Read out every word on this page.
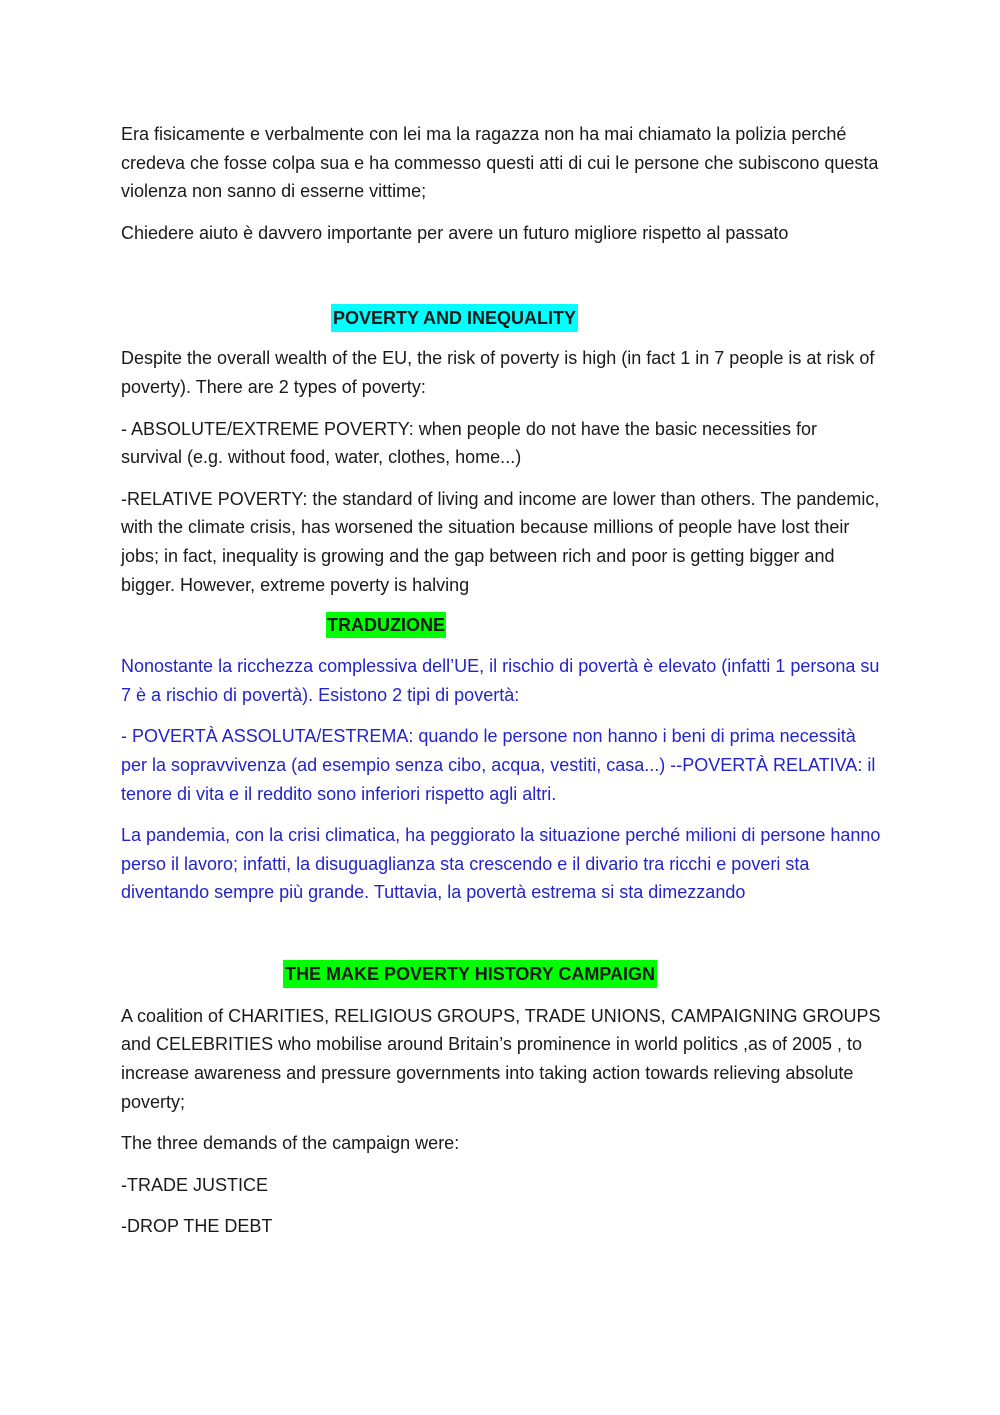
Era fisicamente e verbalmente con lei ma la ragazza non ha mai chiamato la polizia perché credeva che fosse colpa sua e ha commesso questi atti di cui le persone che subiscono questa violenza non sanno di esserne vittime;

Chiedere aiuto è davvero importante per avere un futuro migliore rispetto al passato

POVERTY AND INEQUALITY

Despite the overall wealth of the EU, the risk of poverty is high (in fact 1 in 7 people is at risk of poverty). There are 2 types of poverty:

- ABSOLUTE/EXTREME POVERTY: when people do not have the basic necessities for survival (e.g. without food, water, clothes, home...)

-RELATIVE POVERTY: the standard of living and income are lower than others. The pandemic, with the climate crisis, has worsened the situation because millions of people have lost their jobs; in fact, inequality is growing and the gap between rich and poor is getting bigger and bigger. However, extreme poverty is halving

TRADUZIONE

Nonostante la ricchezza complessiva dell’UE, il rischio di povertà è elevato (infatti 1 persona su 7 è a rischio di povertà). Esistono 2 tipi di povertà:

- POVERTÀ ASSOLUTA/ESTREMA: quando le persone non hanno i beni di prima necessità per la sopravvivenza (ad esempio senza cibo, acqua, vestiti, casa...) --POVERTÀ RELATIVA: il tenore di vita e il reddito sono inferiori rispetto agli altri.

La pandemia, con la crisi climatica, ha peggiorato la situazione perché milioni di persone hanno perso il lavoro; infatti, la disuguaglianza sta crescendo e il divario tra ricchi e poveri sta diventando sempre più grande. Tuttavia, la povertà estrema si sta dimezzando

THE MAKE POVERTY HISTORY CAMPAIGN

A coalition of CHARITIES, RELIGIOUS GROUPS, TRADE UNIONS, CAMPAIGNING GROUPS and CELEBRITIES who mobilise around Britain’s prominence in world politics ,as of 2005 , to increase awareness and pressure governments into taking action towards relieving absolute poverty;

The three demands of the campaign were:

-TRADE JUSTICE

-DROP THE DEBT
